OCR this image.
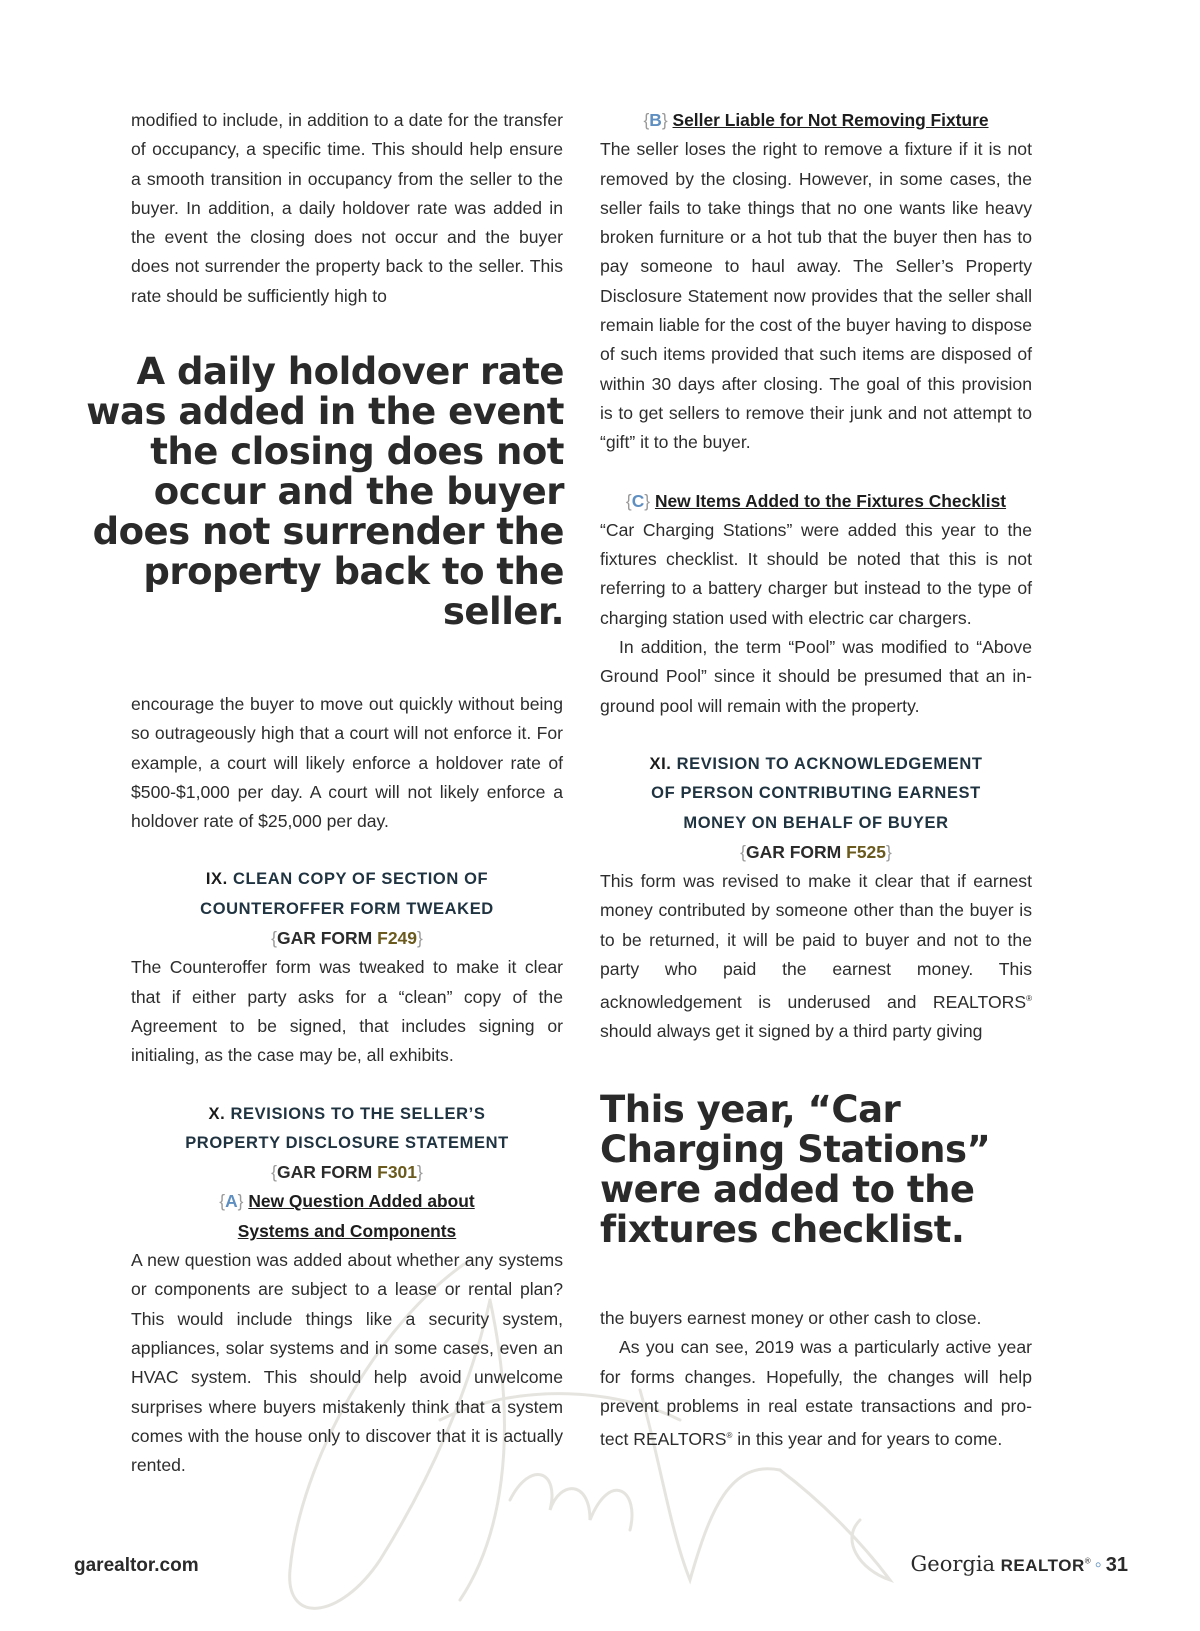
modified to include, in addition to a date for the transfer of occupancy, a specific time. This should help ensure a smooth transition in occupancy from the seller to the buyer. In addition, a daily holdover rate was added in the event the closing does not occur and the buyer does not surrender the property back to the seller. This rate should be sufficiently high to

A daily holdover rate was added in the event the closing does not occur and the buyer does not surrender the property back to the seller.

encourage the buyer to move out quickly without being so outrageously high that a court will not enforce it. For example, a court will likely enforce a holdover rate of $500-$1,000 per day. A court will not likely enforce a holdover rate of $25,000 per day.

IX. CLEAN COPY OF SECTION OF
COUNTEROFFER FORM TWEAKED
{GAR FORM F249}

The Counteroffer form was tweaked to make it clear that if either party asks for a “clean” copy of the Agreement to be signed, that includes signing or initialing, as the case may be, all exhibits.

X. REVISIONS TO THE SELLER’S
PROPERTY DISCLOSURE STATEMENT
{GAR FORM F301}
{A} New Question Added about
Systems and Components

A new question was added about whether any systems or components are subject to a lease or rental plan? This would include things like a security system, appliances, solar systems and in some cases, even an HVAC system. This should help avoid unwelcome surprises where buyers mistakenly think that a system comes with the house only to discover that it is actually rented.

{B} Seller Liable for Not Removing Fixture

The seller loses the right to remove a fixture if it is not removed by the closing. However, in some cases, the seller fails to take things that no one wants like heavy broken furniture or a hot tub that the buyer then has to pay someone to haul away. The Seller’s Property Disclosure Statement now provides that the seller shall remain liable for the cost of the buyer having to dispose of such items provided that such items are disposed of within 30 days after closing. The goal of this provision is to get sellers to remove their junk and not attempt to “gift” it to the buyer.

{C} New Items Added to the Fixtures Checklist

“Car Charging Stations” were added this year to the fixtures checklist. It should be noted that this is not referring to a battery charger but instead to the type of charging station used with electric car chargers.

In addition, the term “Pool” was modified to “Above Ground Pool” since it should be presumed that an in-ground pool will remain with the property.

XI. REVISION TO ACKNOWLEDGEMENT
OF PERSON CONTRIBUTING EARNEST
MONEY ON BEHALF OF BUYER
{GAR FORM F525}

This form was revised to make it clear that if earnest money contributed by someone other than the buyer is to be returned, it will be paid to buyer and not to the party who paid the earnest money. This acknowledgement is underused and REALTORS® should always get it signed by a third party giving

This year, “Car Charging Stations” were added to the fixtures checklist.

the buyers earnest money or other cash to close.

As you can see, 2019 was a particularly active year for forms changes. Hopefully, the changes will help prevent problems in real estate transactions and protect REALTORS® in this year and for years to come.

garealtor.com	Georgia REALTOR® ◦ 31
